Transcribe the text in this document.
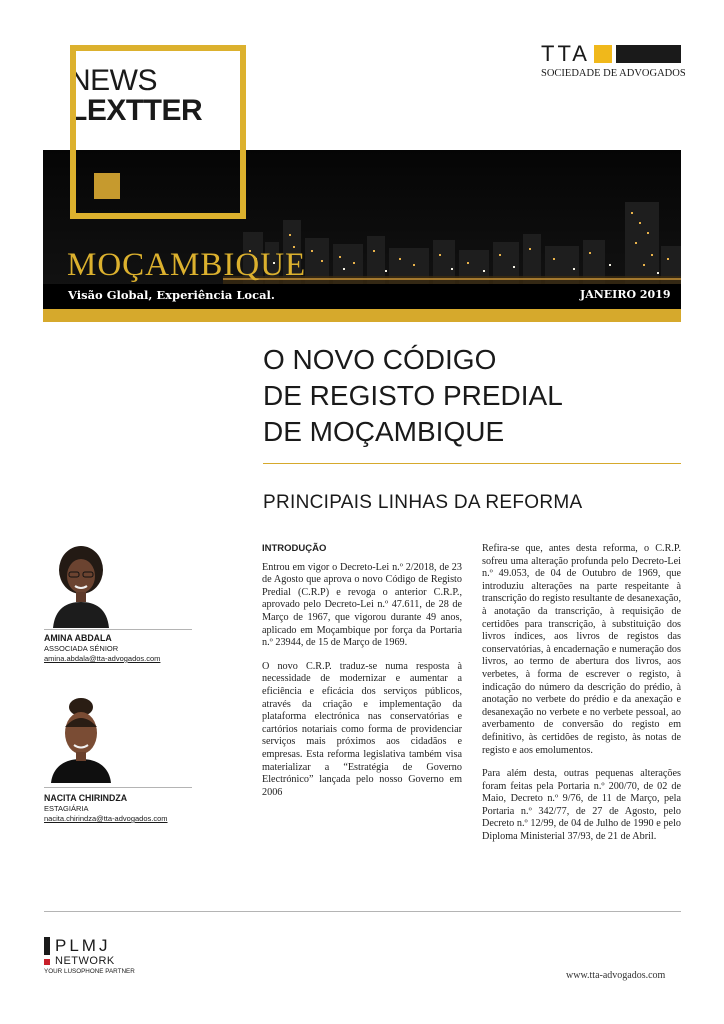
NEWS
LEXTTER
TTA
SOCIEDADE DE ADVOGADOS
MOÇAMBIQUE
Visão Global, Experiência Local.	JANEIRO 2019
O NOVO CÓDIGO
DE REGISTO PREDIAL
DE MOÇAMBIQUE
PRINCIPAIS LINHAS DA REFORMA

INTRODUÇÃO

Entrou em vigor o Decreto-Lei n.º 2/2018, de 23 de Agosto que aprova o novo Código de Registo Predial (C.R.P) e revoga o anterior C.R.P., aprovado pelo Decreto-Lei n.º 47.611, de 28 de Março de 1967, que vigorou durante 49 anos, aplicado em Moçambique por força da Portaria n.º 23944, de 15 de Março de 1969.

O novo C.R.P. traduz-se numa resposta à necessidade de modernizar e aumentar a eficiência e eficácia dos serviços públicos, através da criação e implementação da plataforma electrónica nas conservatórias e cartórios notariais como forma de providenciar serviços mais próximos aos cidadãos e empresas. Esta reforma legislativa também visa materializar a “Estratégia de Governo Electrónico” lançada pelo nosso Governo em 2006

Refira-se que, antes desta reforma, o C.R.P. sofreu uma alteração profunda pelo Decreto-Lei n.º 49.053, de 04 de Outubro de 1969, que introduziu alterações na parte respeitante à transcrição do registo resultante de desanexação, à anotação da transcrição, à requisição de certidões para transcrição, à substituição dos livros índices, aos livros de registos das conservatórias, à encadernação e numeração dos livros, ao termo de abertura dos livros, aos verbetes, à forma de escrever o registo, à indicação do número da descrição do prédio, à anotação no verbete do prédio e da anexação e desanexação no verbete e no verbete pessoal, ao averbamento de conversão do registo em definitivo, às certidões de registo, às notas de registo e aos emolumentos.

Para além desta, outras pequenas alterações foram feitas pela Portaria n.º 200/70, de 02 de Maio, Decreto n.º 9/76, de 11 de Março, pela Portaria n.º 342/77, de 27 de Agosto, pelo Decreto n.º 12/99, de 04 de Julho de 1990 e pelo Diploma Ministerial 37/93, de 21 de Abril.

AMINA ABDALA
ASSOCIADA SÉNIOR
amina.abdala@tta-advogados.com
NACITA CHIRINDZA
ESTAGIÁRIA
nacita.chirindza@tta-advogados.com
PLMJ
NETWORK
YOUR LUSOPHONE PARTNER	www.tta-advogados.com
